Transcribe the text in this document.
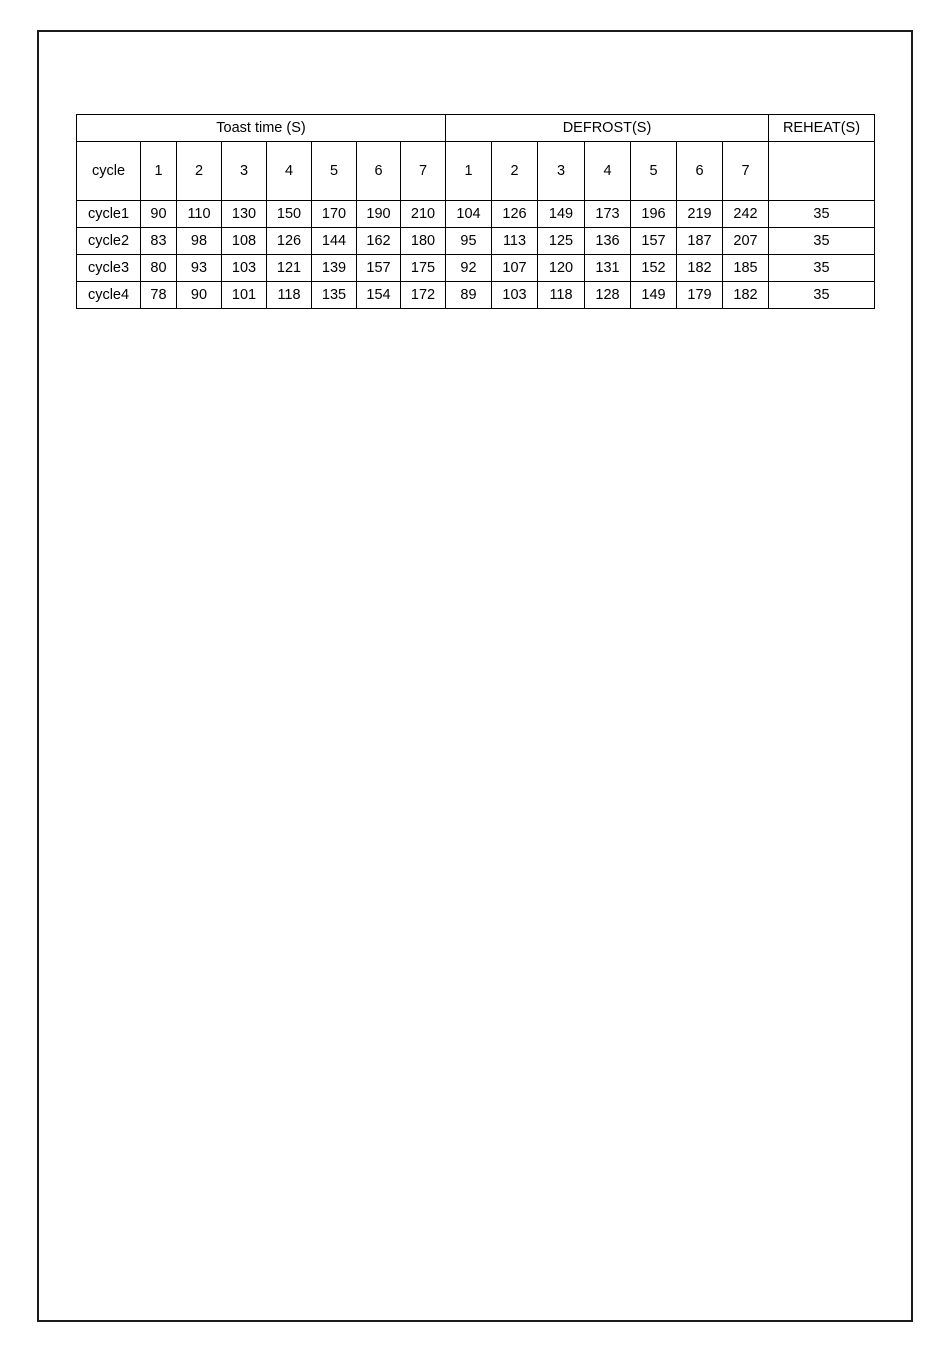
Toast time (S)								DEFROST(S)							REHEAT(S)
cycle	1	2	3	4	5	6	7	1	2	3	4	5	6	7	
cycle1	90	110	130	150	170	190	210	104	126	149	173	196	219	242	35
cycle2	83	98	108	126	144	162	180	95	113	125	136	157	187	207	35
cycle3	80	93	103	121	139	157	175	92	107	120	131	152	182	185	35
cycle4	78	90	101	118	135	154	172	89	103	118	128	149	179	182	35
